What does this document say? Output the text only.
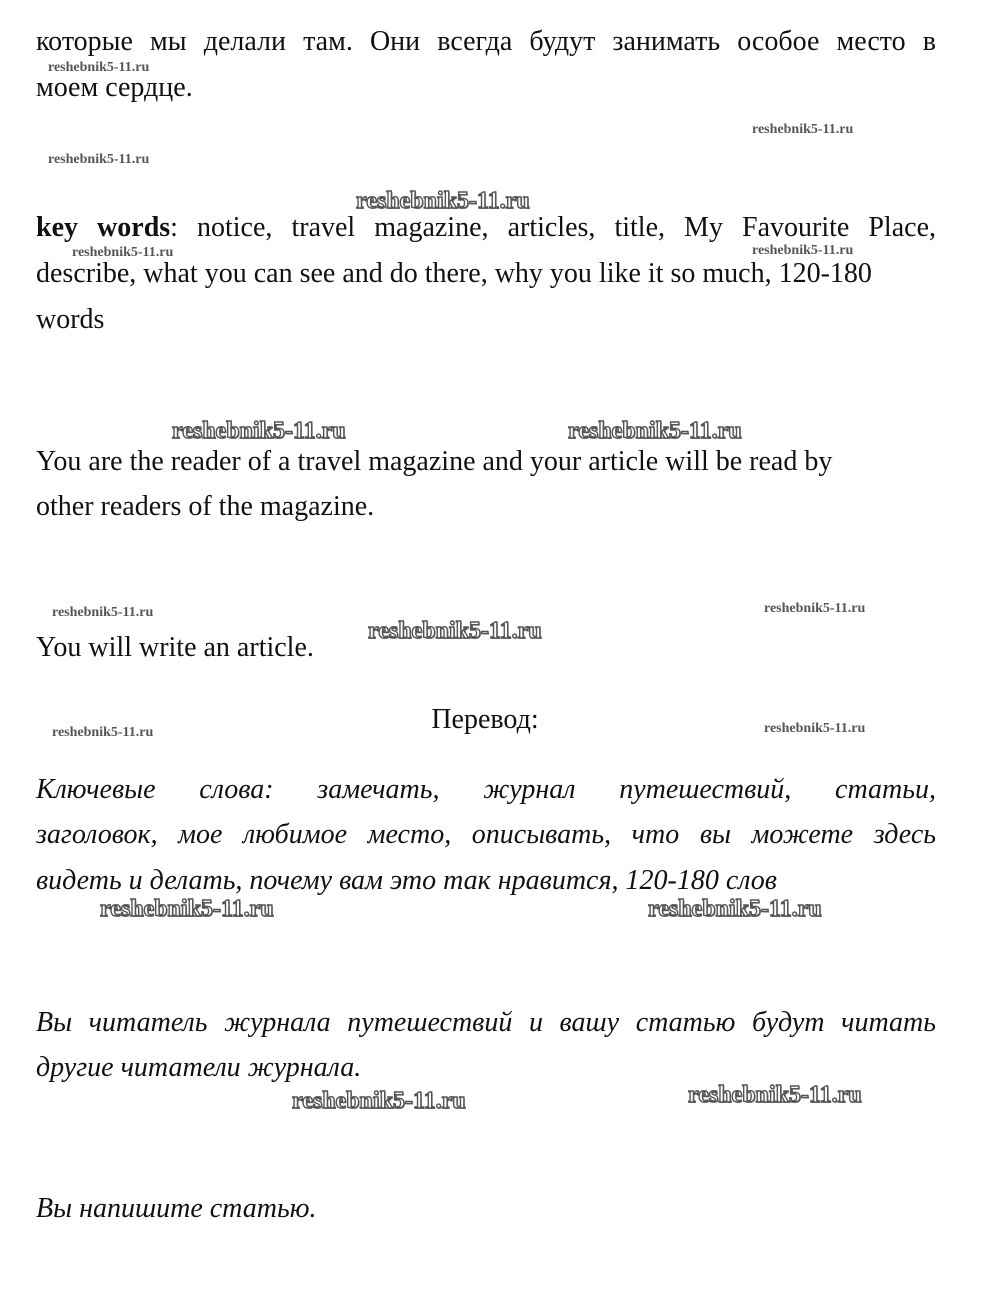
которые мы делали там. Они всегда будут занимать особое место в
моем сердце.
key words: notice, travel magazine, articles, title, My Favourite Place,
describe, what you can see and do there, why you like it so much, 120-180
words
You are the reader of a travel magazine and your article will be read by
other readers of the magazine.
You will write an article.
Перевод:
Ключевые слова: замечать, журнал путешествий, статьи,
заголовок, мое любимое место, описывать, что вы можете здесь
видеть и делать, почему вам это так нравится, 120-180 слов
Вы читатель журнала путешествий и вашу статью будут читать
другие читатели журнала.
Вы напишите статью.
reshebnik5-11.ru
reshebnik5-11.ru
reshebnik5-11.ru
reshebnik5-11.ru
reshebnik5-11.ru	reshebnik5-11.ru
reshebnik5-11.ru	reshebnik5-11.ru
reshebnik5-11.ru	reshebnik5-11.ru
reshebnik5-11.ru
reshebnik5-11.ru	reshebnik5-11.ru
reshebnik5-11.ru	reshebnik5-11.ru
reshebnik5-11.ru
reshebnik5-11.ru
